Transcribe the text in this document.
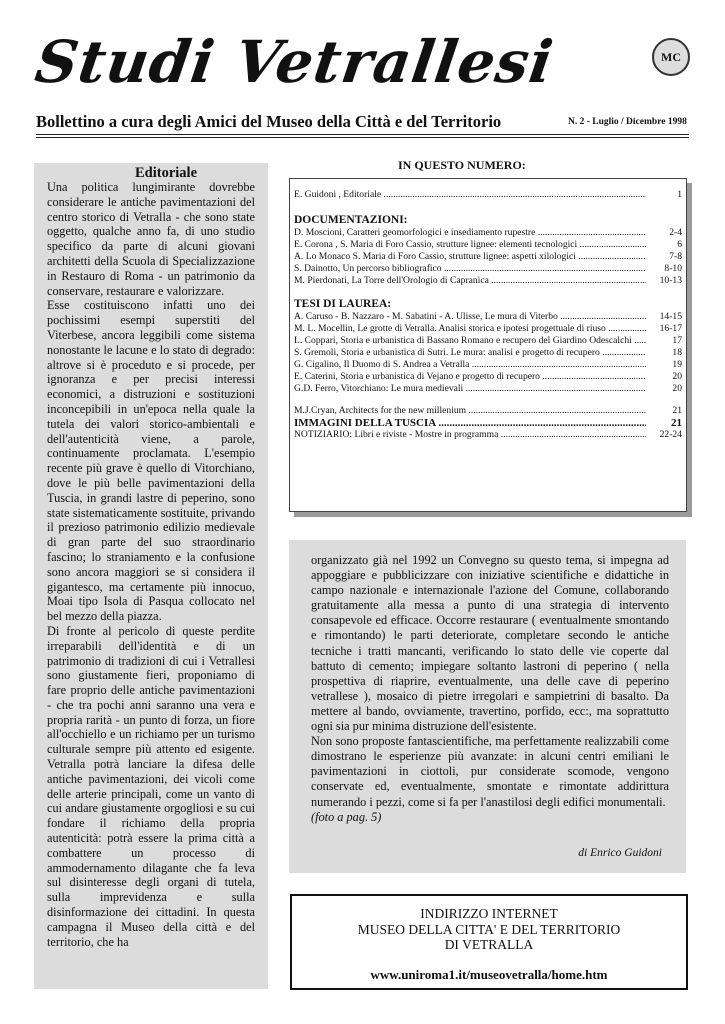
Studi Vetrallesi	MC
Bollettino a cura degli Amici del Museo della Città e del Territorio	N. 2 - Luglio / Dicembre 1998
Editoriale

Una politica lungimirante dovrebbe considerare le antiche pavimentazioni del centro storico di Vetralla - che sono state oggetto, qualche anno fa, di uno studio specifico da parte di alcuni giovani architetti della Scuola di Specializzazione in Restauro di Roma - un patrimonio da conservare, restaurare e valorizzare.

Esse costituiscono infatti uno dei pochissimi esempi superstiti del Viterbese, ancora leggibili come sistema nonostante le lacune e lo stato di degrado: altrove si è proceduto e si procede, per ignoranza e per precisi interessi economici, a distruzioni e sostituzioni inconcepibili in un'epoca nella quale la tutela dei valori storico-ambientali e dell'autenticità viene, a parole, continuamente proclamata. L'esempio recente più grave è quello di Vitorchiano, dove le più belle pavimentazioni della Tuscia, in grandi lastre di peperino, sono state sistematicamente sostituite, privando il prezioso patrimonio edilizio medievale di gran parte del suo straordinario fascino; lo straniamento e la confusione sono ancora maggiori se si considera il gigantesco, ma certamente più innocuo, Moai tipo Isola di Pasqua collocato nel bel mezzo della piazza.

Di fronte al pericolo di queste perdite irreparabili dell'identità e di un patrimonio di tradizioni di cui i Vetrallesi sono giustamente fieri, proponiamo di fare proprio delle antiche pavimentazioni - che tra pochi anni saranno una vera e propria rarità - un punto di forza, un fiore all'occhiello e un richiamo per un turismo culturale sempre più attento ed esigente. Vetralla potrà lanciare la difesa delle antiche pavimentazioni, dei vicoli come delle arterie principali, come un vanto di cui andare giustamente orgogliosi e su cui fondare il richiamo della propria autenticità: potrà essere la prima città a combattere un processo di ammodernamento dilagante che fa leva sul disinteresse degli organi di tutela, sulla imprevidenza e sulla disinformazione dei cittadini. In questa campagna il Museo della città e del territorio, che ha

IN QUESTO NUMERO:
E. Guidoni , Editoriale .....	1
DOCUMENTAZIONI:
D. Moscioni, Caratteri geomorfologici e insediamento rupestre .....	2-4
E. Corona , S. Maria di Foro Cassio, strutture lignee: elementi tecnologici .....	6
A. Lo Monaco S. Maria di Foro Cassio, strutture lignee: aspetti xilologici .....	7-8
S. Dainotto, Un percorso bibliografico .....	8-10
M. Pierdonati, La Torre dell'Orologio di Capranica .....	10-13
TESI DI LAUREA:
A. Caruso - B. Nazzaro - M. Sabatini - A. Ulisse, Le mura di Viterbo .....	14-15
M. L. Mocellin, Le grotte di Vetralla. Analisi storica e ipotesi progettuale di riuso .....	16-17
L. Coppari, Storia e urbanistica di Bassano Romano e recupero del Giardino Odescalchi .....	17
S. Gremoli, Storia e urbanistica di Sutri. Le mura: analisi e progetto di recupero .....	18
G. Cigalino, Il Duomo di S. Andrea a Vetralla .....	19
E. Caterini, Storia e urbanistica di Vejano e progetto di recupero .....	20
G.D. Ferro, Vitorchiano: Le mura medievali .....	20
M.J.Cryan, Architects for the new millenium .....	21
IMMAGINI DELLA TUSCIA .....	21
NOTIZIARIO: Libri e riviste - Mostre in programma .....	22-24

organizzato già nel 1992 un Convegno su questo tema, si impegna ad appoggiare e pubblicizzare con iniziative scientifiche e didattiche in campo nazionale e internazionale l'azione del Comune, collaborando gratuitamente alla messa a punto di una strategia di intervento consapevole ed efficace. Occorre restaurare ( eventualmente smontando e rimontando) le parti deteriorate, completare secondo le antiche tecniche i tratti mancanti, verificando lo stato delle vie coperte dal battuto di cemento; impiegare soltanto lastroni di peperino ( nella prospettiva di riaprire, eventualmente, una delle cave di peperino vetrallese ), mosaico di pietre irregolari e sampietrini di basalto. Da mettere al bando, ovviamente, travertino, porfido, ecc:, ma soprattutto ogni sia pur minima distruzione dell'esistente.

Non sono proposte fantascientifiche, ma perfettamente realizzabili come dimostrano le esperienze più avanzate: in alcuni centri emiliani le pavimentazioni in ciottoli, pur considerate scomode, vengono conservate ed, eventualmente, smontate e rimontate addirittura numerando i pezzi, come si fa per l'anastilosi degli edifici monumentali.

(foto a pag. 5)

di Enrico Guidoni
INDIRIZZO INTERNET
MUSEO DELLA CITTA' E DEL TERRITORIO
DI VETRALLA
www.uniroma1.it/museovetralla/home.htm
